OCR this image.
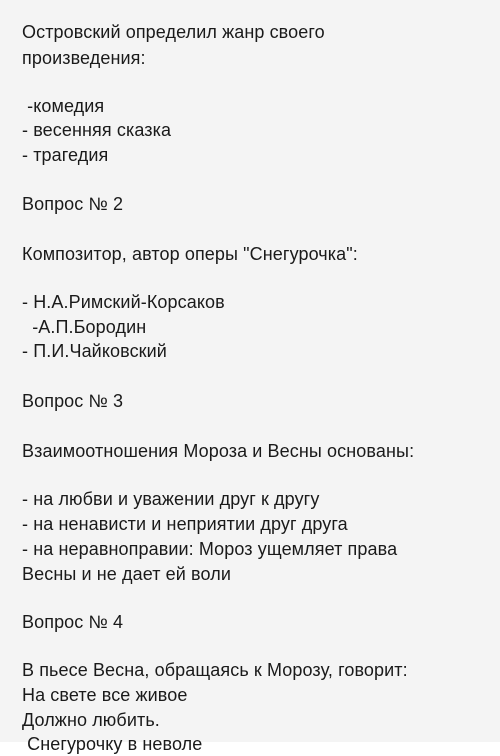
Островский определил жанр своего
произведения:
-комедия
- весенняя сказка
- трагедия
Вопрос № 2
Композитор, автор оперы "Снегурочка":
- Н.А.Римский-Корсаков
-А.П.Бородин
- П.И.Чайковский
Вопрос № 3
Взаимоотношения Мороза и Весны основаны:
- на любви и уважении друг к другу
- на ненависти и неприятии друг друга
- на неравноправии: Мороз ущемляет права
Весны и не дает ей воли
Вопрос № 4
В пьесе Весна, обращаясь к Морозу, говорит:
На свете все живое
Должно любить.
Снегурочку в неволе
